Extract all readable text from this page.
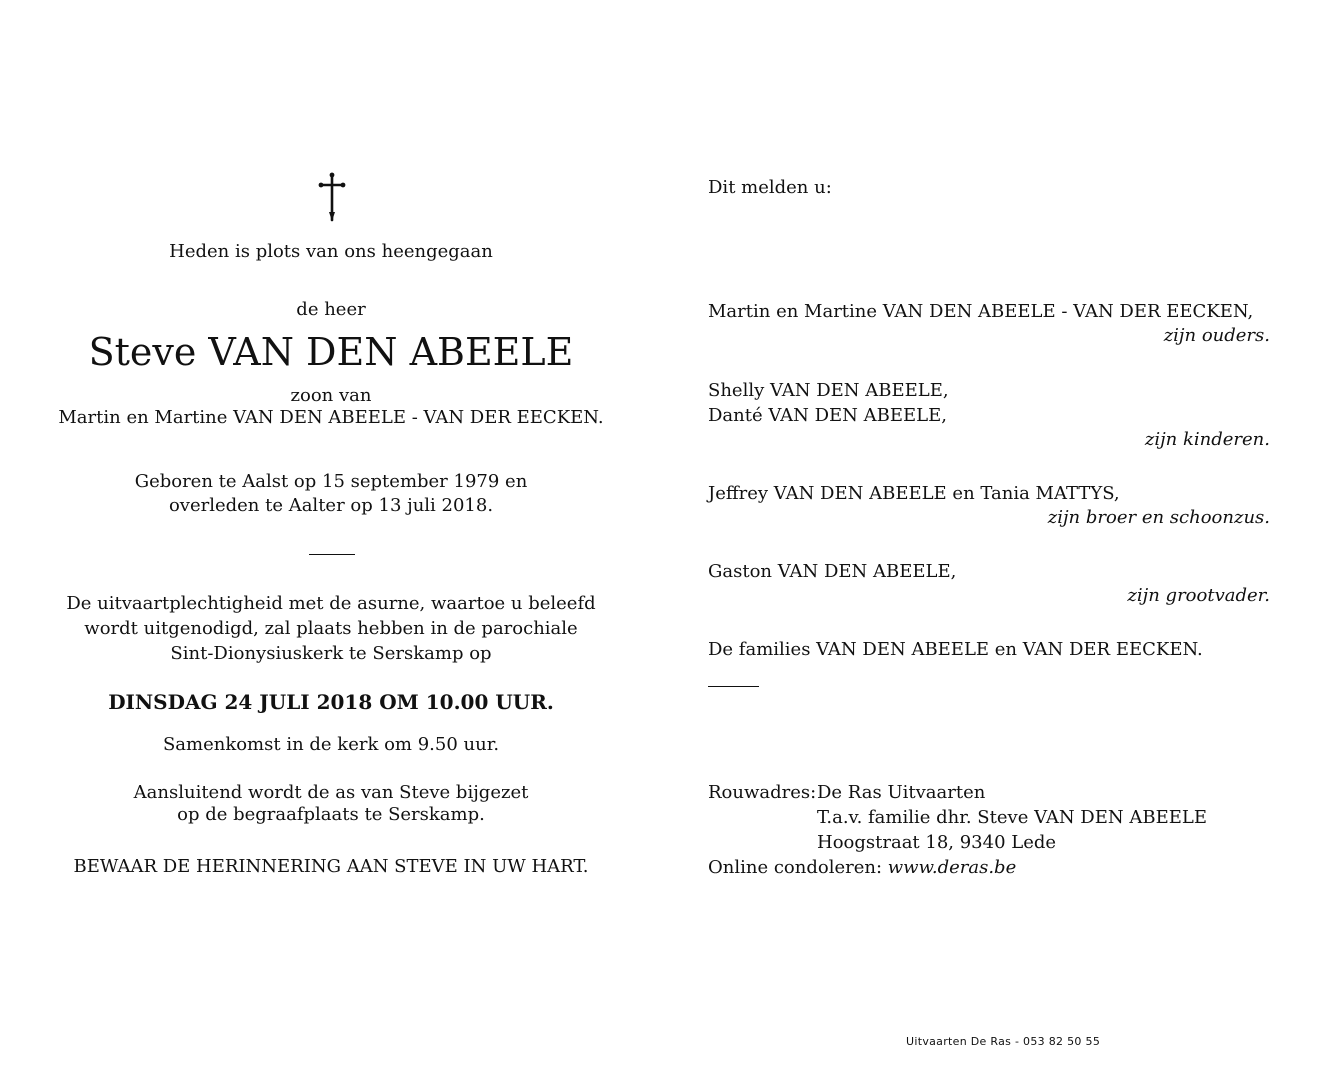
Heden is plots van ons heengegaan
de heer
Steve VAN DEN ABEELE
zoon van
Martin en Martine VAN DEN ABEELE - VAN DER EECKEN.
Geboren te Aalst op 15 september 1979 en
overleden te Aalter op 13 juli 2018.
De uitvaartplechtigheid met de asurne, waartoe u beleefd
wordt uitgenodigd, zal plaats hebben in de parochiale
Sint-Dionysiuskerk te Serskamp op
DINSDAG 24 JULI 2018 OM 10.00 UUR.
Samenkomst in de kerk om 9.50 uur.
Aansluitend wordt de as van Steve bijgezet
op de begraafplaats te Serskamp.
BEWAAR DE HERINNERING AAN STEVE IN UW HART.
Dit melden u:
Martin en Martine VAN DEN ABEELE - VAN DER EECKEN,
zijn ouders.
Shelly VAN DEN ABEELE,
Danté VAN DEN ABEELE,
zijn kinderen.
Jeffrey VAN DEN ABEELE en Tania MATTYS,
zijn broer en schoonzus.
Gaston VAN DEN ABEELE,
zijn grootvader.
De families VAN DEN ABEELE en VAN DER EECKEN.
Rouwadres: De Ras Uitvaarten
T.a.v. familie dhr. Steve VAN DEN ABEELE
Hoogstraat 18, 9340 Lede
Online condoleren: www.deras.be
Uitvaarten De Ras - 053 82 50 55
